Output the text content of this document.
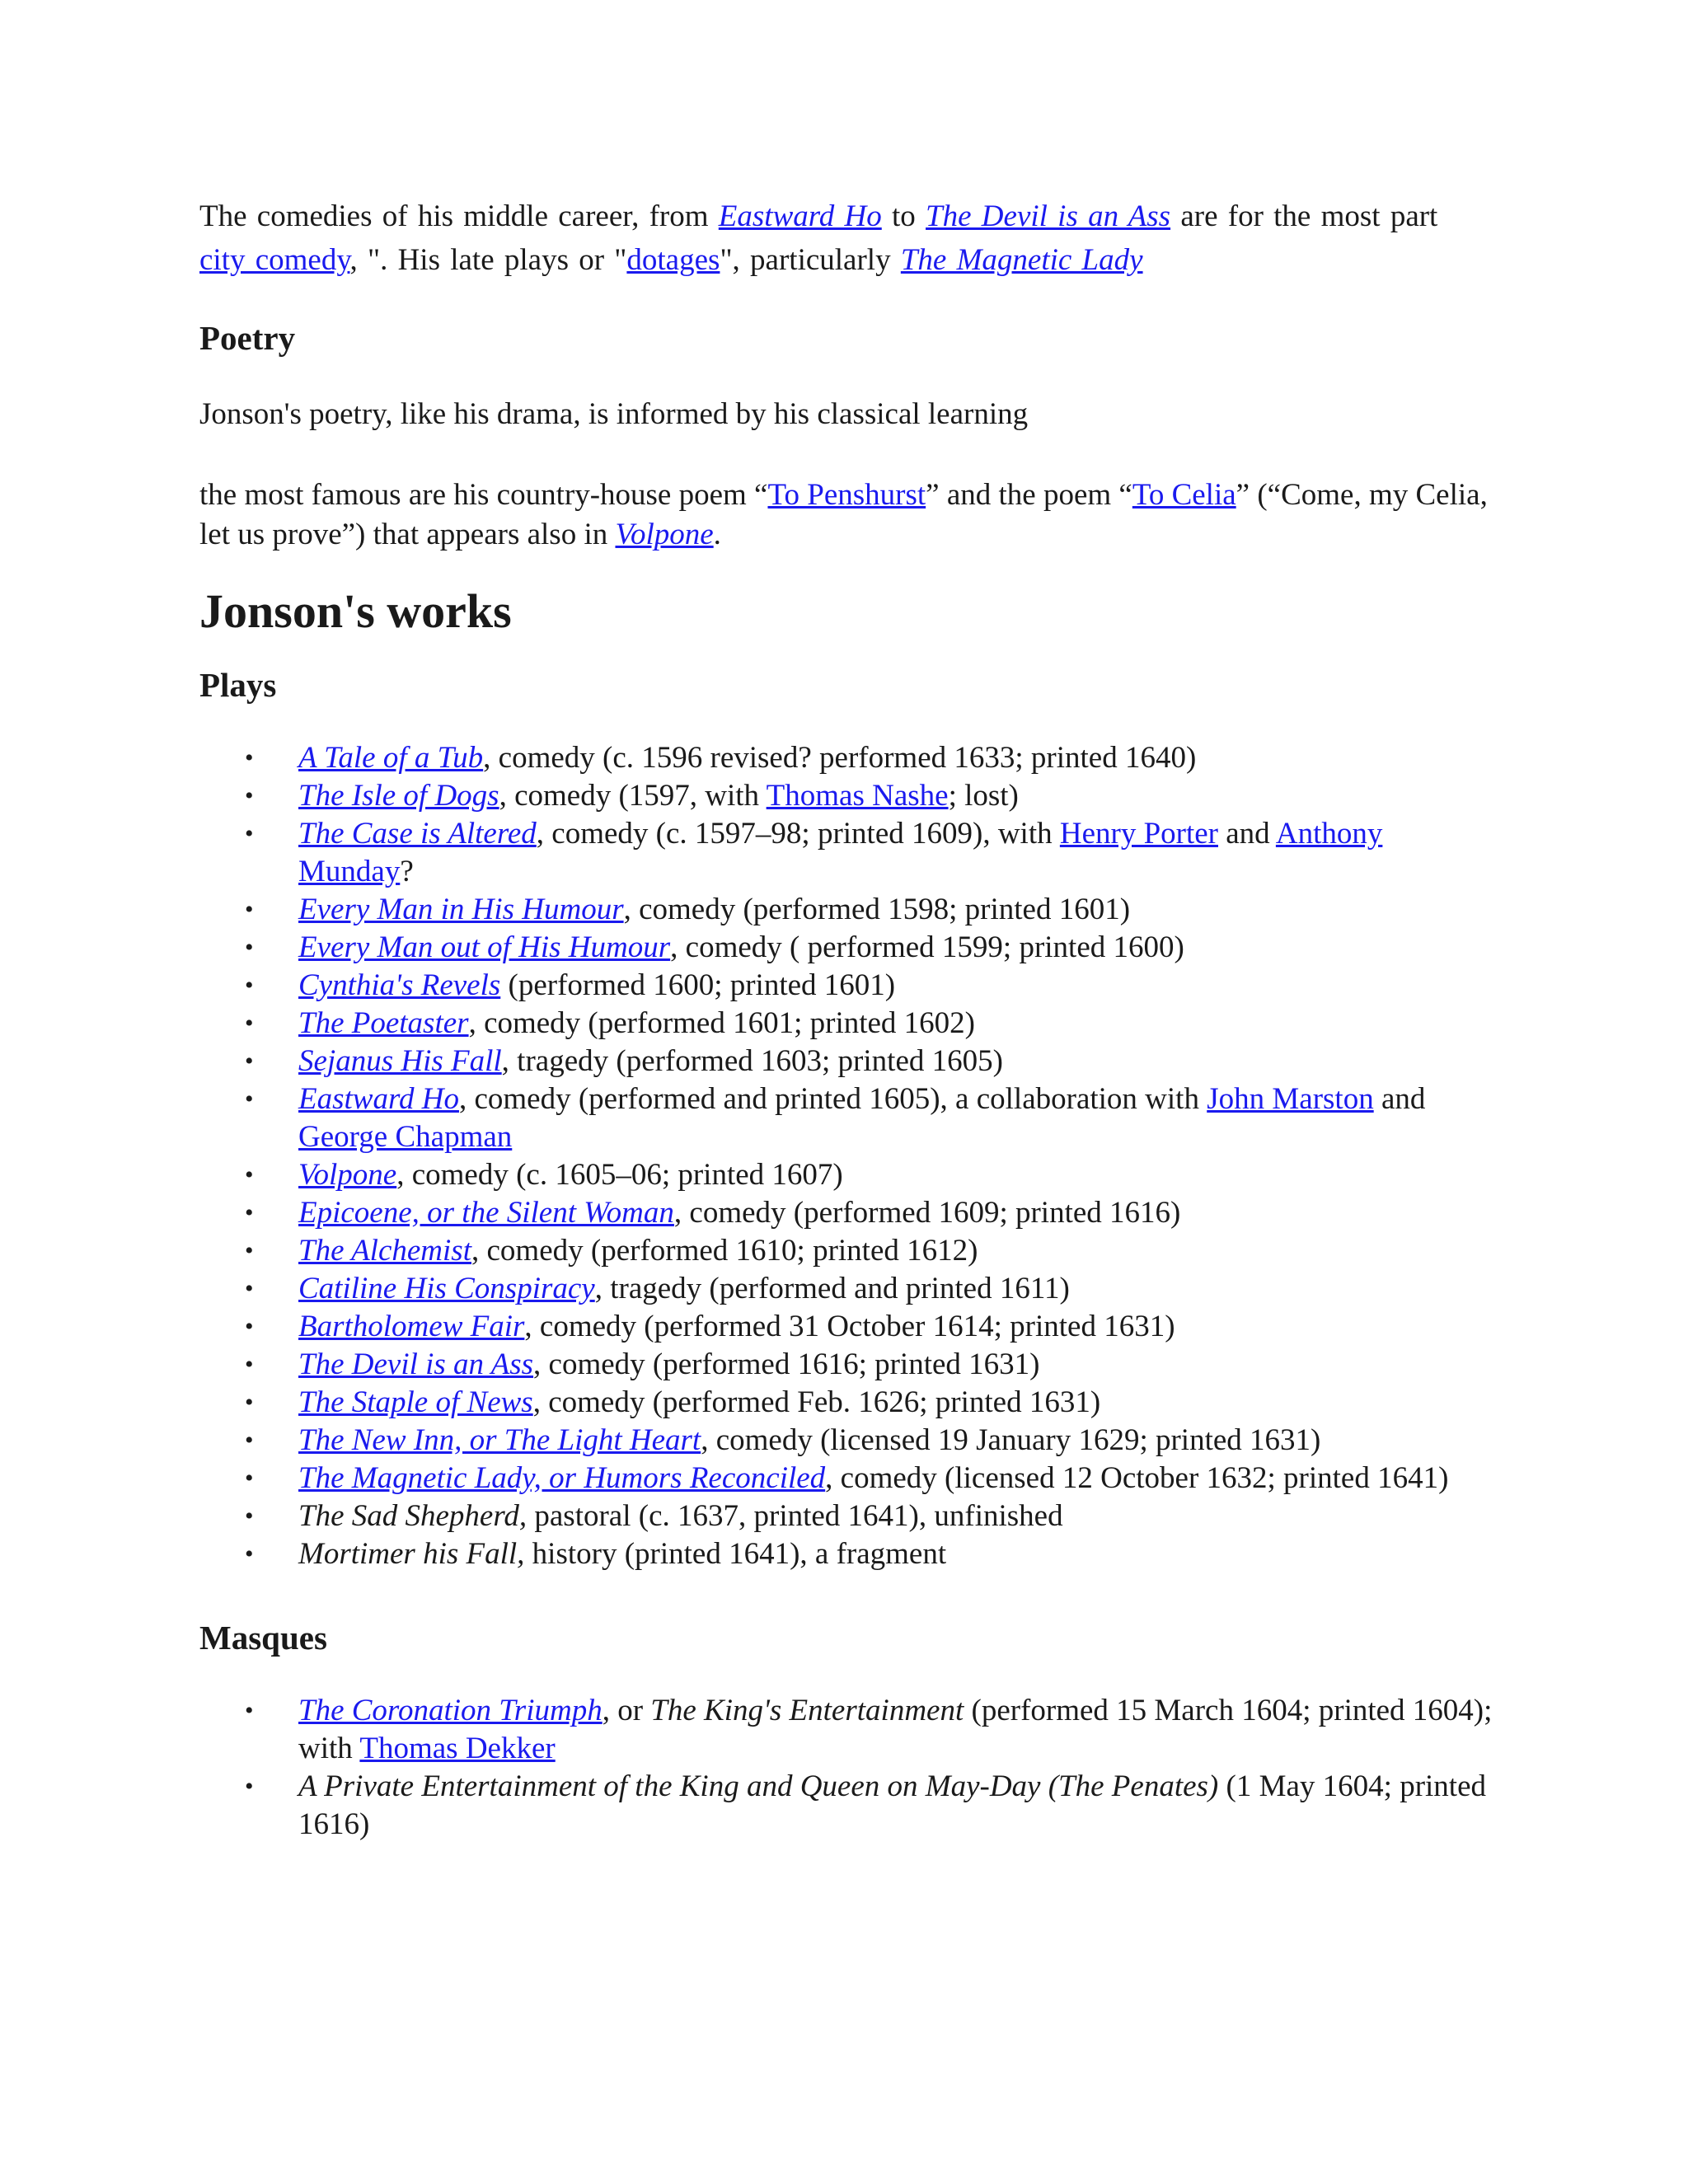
The comedies of his middle career, from Eastward Ho to The Devil is an Ass are for the most part city comedy, ". His late plays or "dotages", particularly The Magnetic Lady

Poetry

Jonson's poetry, like his drama, is informed by his classical learning

the most famous are his country-house poem “To Penshurst” and the poem “To Celia” (“Come, my Celia, let us prove”) that appears also in Volpone.

Jonson's works
Plays
• A Tale of a Tub, comedy (c. 1596 revised? performed 1633; printed 1640)
• The Isle of Dogs, comedy (1597, with Thomas Nashe; lost)
• The Case is Altered, comedy (c. 1597–98; printed 1609), with Henry Porter and Anthony Munday?
• Every Man in His Humour, comedy (performed 1598; printed 1601)
• Every Man out of His Humour, comedy ( performed 1599; printed 1600)
• Cynthia's Revels (performed 1600; printed 1601)
• The Poetaster, comedy (performed 1601; printed 1602)
• Sejanus His Fall, tragedy (performed 1603; printed 1605)
• Eastward Ho, comedy (performed and printed 1605), a collaboration with John Marston and George Chapman
• Volpone, comedy (c. 1605–06; printed 1607)
• Epicoene, or the Silent Woman, comedy (performed 1609; printed 1616)
• The Alchemist, comedy (performed 1610; printed 1612)
• Catiline His Conspiracy, tragedy (performed and printed 1611)
• Bartholomew Fair, comedy (performed 31 October 1614; printed 1631)
• The Devil is an Ass, comedy (performed 1616; printed 1631)
• The Staple of News, comedy (performed Feb. 1626; printed 1631)
• The New Inn, or The Light Heart, comedy (licensed 19 January 1629; printed 1631)
• The Magnetic Lady, or Humors Reconciled, comedy (licensed 12 October 1632; printed 1641)
• The Sad Shepherd, pastoral (c. 1637, printed 1641), unfinished
• Mortimer his Fall, history (printed 1641), a fragment
Masques
• The Coronation Triumph, or The King's Entertainment (performed 15 March 1604; printed 1604); with Thomas Dekker
• A Private Entertainment of the King and Queen on May-Day (The Penates) (1 May 1604; printed 1616)
